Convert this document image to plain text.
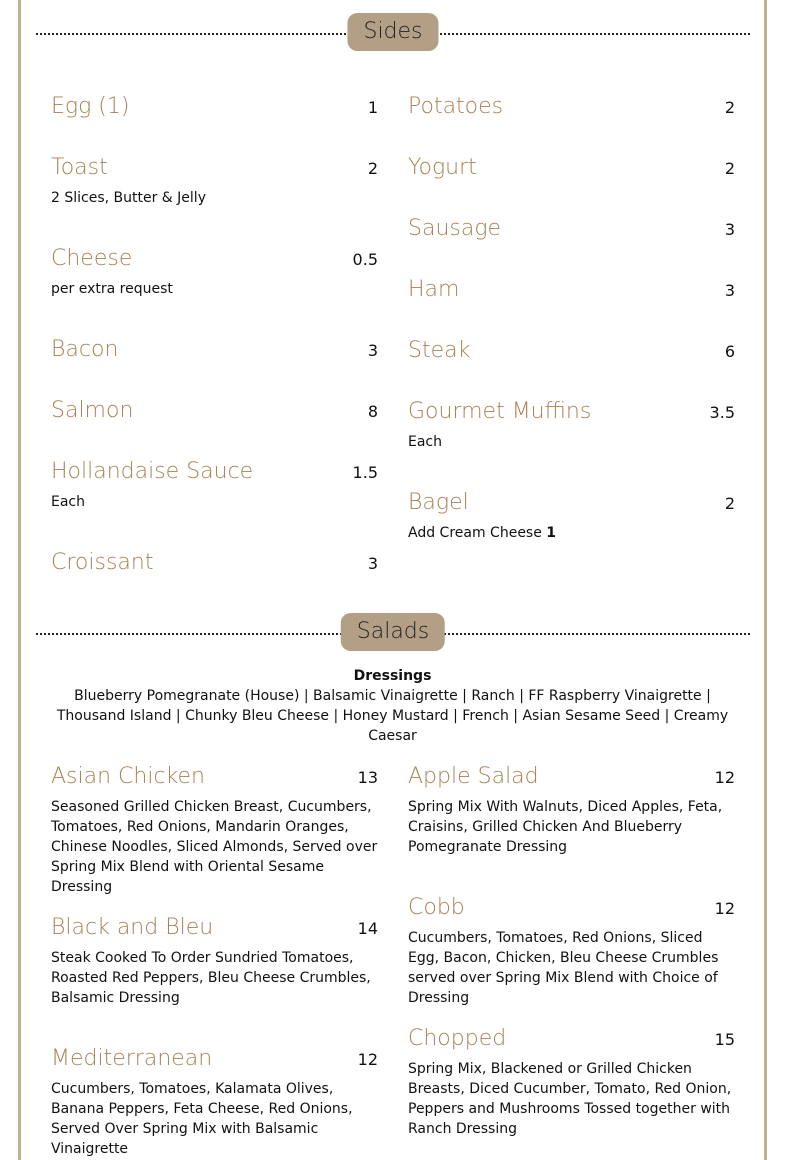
Sides
Egg (1)	1
Toast	2
2 Slices, Butter & Jelly
Cheese	0.5
per extra request
Bacon	3
Salmon	8
Hollandaise Sauce	1.5
Each
Croissant	3
Potatoes	2
Yogurt	2
Sausage	3
Ham	3
Steak	6
Gourmet Muffins	3.5
Each
Bagel	2
Add Cream Cheese 1
Salads
Dressings
Blueberry Pomegranate (House) | Balsamic Vinaigrette | Ranch | FF Raspberry Vinaigrette | Thousand Island | Chunky Bleu Cheese | Honey Mustard | French | Asian Sesame Seed | Creamy Caesar
Asian Chicken	13
Seasoned Grilled Chicken Breast, Cucumbers, Tomatoes, Red Onions, Mandarin Oranges, Chinese Noodles, Sliced Almonds, Served over Spring Mix Blend with Oriental Sesame Dressing
Black and Bleu	14
Steak Cooked To Order Sundried Tomatoes, Roasted Red Peppers, Bleu Cheese Crumbles, Balsamic Dressing
Mediterranean	12
Cucumbers, Tomatoes, Kalamata Olives, Banana Peppers, Feta Cheese, Red Onions, Served Over Spring Mix with Balsamic Vinaigrette
Apple Salad	12
Spring Mix With Walnuts, Diced Apples, Feta, Craisins, Grilled Chicken And Blueberry Pomegranate Dressing
Cobb	12
Cucumbers, Tomatoes, Red Onions, Sliced Egg, Bacon, Chicken, Bleu Cheese Crumbles served over Spring Mix Blend with Choice of Dressing
Chopped	15
Spring Mix, Blackened or Grilled Chicken Breasts, Diced Cucumber, Tomato, Red Onion, Peppers and Mushrooms Tossed together with Ranch Dressing
